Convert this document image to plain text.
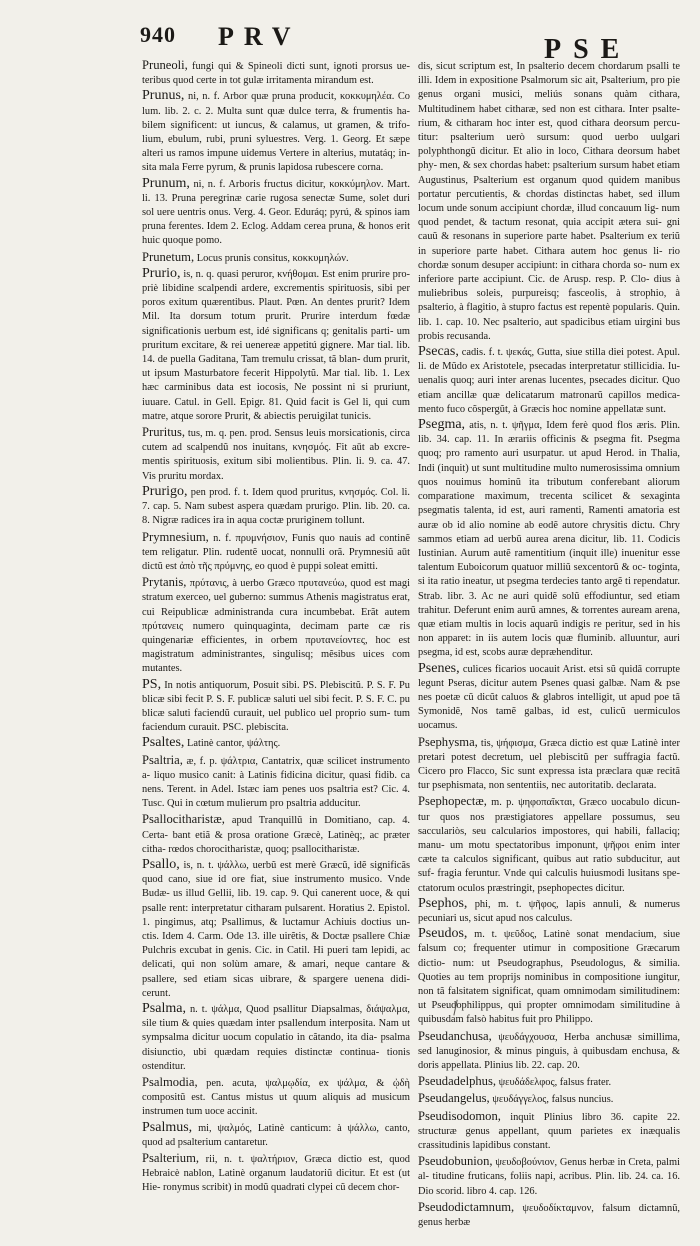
940 PRV	PSE

Pruneoli, fungi qui & Spineoli dicti sunt, ignoti prorsus ue- teribus quod certe in tot gulæ irritamenta mirandum est.

Prunus, ni, n. f. Arbor quæ pruna producit, κοκκυμηλέα. Co lum. lib. 2. c. 2. Multa sunt quæ dulce terra, & frumentis ha- bilem significent: ut iuncus, & calamus, ut gramen, & trifo- lium, ebulum, rubi, pruni syluestres. Verg. 1. Georg. Et sæpe alteri us ramos impune uidemus Vertere in alterius, mutatáq; in- sita mala Ferre pyrum, & prunis lapidosa rubescere corna.

Prunum, ni, n. f. Arboris fructus dicitur, κοκκύμηλον. Mart. li. 13. Pruna peregrinæ carie rugosa senectæ Sume, solet duri sol uere uentris onus. Verg. 4. Geor. Eduráq; pyrú, & spinos iam pruna ferentes. Idem 2. Eclog. Addam cerea pruna, & honos erit huic quoque pomo.

Prunetum, Locus prunis consitus, κοκκυμηλών.

Prurio, is, n. q. quasi peruror, κνήθομαι. Est enim prurire pro- priè libidine scalpendi ardere, excrementis spirituosis, sibi per poros exitum quærentibus. Plaut. Pœn. An dentes prurit? Idem Mil. Ita dorsum totum prurit. Prurire interdum fœdæ significationis uerbum est, idé significans q; genitalis parti- um pruritum excitare, & rei uenereæ appetitú gignere. Mar tial. lib. 14. de puella Gaditana, Tam tremulu crissat, tã blan- dum prurit, ut ipsum Masturbatore fecerit Hippolytũ. Mar tial. lib. 1. Lex hæc carminibus data est iocosis, Ne possint ni si pruriunt, iuuare. Catul. in Gell. Epigr. 81. Quid facit is Gel li, qui cum matre, atque sorore Prurit, & abiectis peruigilat tunicis.

Pruritus, tus, m. q. pen. prod. Sensus leuis morsicationis, circa cutem ad scalpendũ nos inuitans, κνησμός. Fit aūt ab excre- mentis spirituosis, exitum sibi molientibus. Plin. li. 9. ca. 47. Vis pruritu mordax.

Prurigo, pen prod. f. t. Idem quod pruritus, κνησμός. Col. li. 7. cap. 5. Nam subest aspera quædam prurigo. Plin. lib. 20. ca. 8. Nigræ radices ira in aqua coctæ pruriginem tollunt.

Prymnesium, n. f. πρυμνήσιον, Funis quo nauis ad continẽ tem religatur. Plin. rudentẽ uocat, nonnulli orã. Prymnesiũ aūt dictũ est ἀπὸ τῆς πρύμνης, eo quod è puppi soleat emitti.

Prytanis, πρύτανις, à uerbo Græco πρυτανεύω, quod est magi stratum exerceo, uel guberno: summus Athenis magistratus erat, cui Reipublicæ administranda cura incumbebat. Erãt autem πρύτανεις numero quinquaginta, decimam parte cæ ris quingenariæ efficientes, in orbem πρυτανείοντες, hoc est magistratum administrantes, singulisq; mẽsibus uices com mutantes.

PS, In notis antiquorum, Posuit sibi. PS. Plebiscitũ. P. S. F. Pu blicæ sibi fecit P. S. F. publicæ saluti uel sibi fecit. P. S. F. C. pu blicæ saluti faciendũ curauit, uel publico uel proprio sum- tum faciendum curauit. PSC. plebiscita.

Psaltes, Latinè cantor, ψάλτης.

Psaltria, æ, f. p. ψάλτρια, Cantatrix, quæ scilicet instrumento a- liquo musico canit: à Latinis fidicina dicitur, quasi fidib. ca nens. Terent. in Adel. Istæc iam penes uos psaltria est? Cic. 4. Tusc. Qui in cœtum mulierum pro psaltria adducitur.

Psallocitharistæ, apud Tranquillũ in Domitiano, cap. 4. Certa- bant etiã & prosa oratione Græcè, Latinèq;, ac præter citha- rœdos chorocitharistæ, quoq; psallocitharistæ.

Psallo, is, n. t. ψάλλω, uerbũ est merè Græcũ, idẽ significãs quod cano, siue id ore fiat, siue instrumento musico. Vnde Budæ- us illud Gellii, lib. 19. cap. 9. Qui canerent uoce, & qui psalle rent: interpretatur citharam pulsarent. Horatius 2. Epistol. 1. pingimus, atq; Psallimus, & luctamur Achiuis doctius un- ctis. Idem 4. Carm. Ode 13. ille uirẽtis, & Doctæ psallere Chiæ Pulchris excubat in genis. Cic. in Catil. Hi pueri tam lepidi, ac delicati, qui non solùm amare, & amari, neque cantare & psallere, sed etiam sicas uibrare, & spargere uenena didi- cerunt.

Psalma, n. t. ψάλμα, Quod psallitur Diapsalmas, διάψαλμα, sile tium & quies quædam inter psallendum interposita. Nam ut sympsalma dicitur uocum copulatio in cãtando, ita dia- psalma disiunctio, ubi quædam requies distinctæ continua- tionis ostenditur.

Psalmodia, pen. acuta, ψαλμῳδία, ex ψάλμα, & ᾠδὴ compositũ est. Cantus mistus ut quum aliquis ad musicum instrumen tum uoce accinit.

Psalmus, mi, ψαλμός, Latinè canticum: à ψάλλω, canto, quod ad psalterium cantaretur.

Psalterium, rii, n. t. ψαλτήριον, Græca dictio est, quod Hebraicè nablon, Latinè organum laudatoriũ dicitur. Et est (ut Hie- ronymus scribit) in modũ quadrati clypei cũ decem chor-

dis, sicut scriptum est, In psalterio decem chordarum psalli te illi. Idem in expositione Psalmorum sic ait, Psalterium, pro pie genus organi musici, meliús sonans quàm cithara, Multitudinem habet citharæ, sed non est cithara. Inter psalte- rium, & citharam hoc inter est, quod cithara deorsum percu- titur: psalterium uerò sursum: quod uerbo uulgari polyphthongũ dicitur. Et alio in loco, Cithara deorsum habet phy- men, & sex chordas habet: psalterium sursum habet etiam Augustinus, Psalterium est organum quod quidem manibus portatur percutientis, & chordas distinctas habet, sed illum locum unde sonum accipiunt chordæ, illud concauum lig- num quod pendet, & tactum resonat, quia accipit ætera sui- gni cauũ & resonans in superiore parte habet. Psalterium ex teriũ in superiore parte habet. Cithara autem hoc genus li- rio chordæ sonum desuper accipiunt: in cithara chorda so- num ex inferiore parte accipiunt. Cic. de Arusp. resp. P. Clo- dius à muliebribus soleis, purpureisq; fasceolis, à strophio, à psalterio, à flagitio, à stupro factus est repentè popularis. Quin. lib. 1. cap. 10. Nec psalterio, aut spadicibus etiam uirgini bus probis recusanda.

Psecas, cadis. f. t. ψεκάς, Gutta, siue stilla diei potest. Apul. li. de Mũdo ex Aristotele, psecadas interpretatur stillicidia. Iu- uenalis quoq; auri inter arenas lucentes, psecades dicitur. Quo etiam ancillæ quæ delicatarum matronarũ capillos medica- mento fuco cõspergũt, à Græcis hoc nomine appellatæ sunt.

Psegma, atis, n. t. ψῆγμα, Idem ferè quod flos æris. Plin. lib. 34. cap. 11. In ærariis officinis & psegma fit. Psegma quoq; pro ramento auri usurpatur. ut apud Herod. in Thalia, Indi (inquit) ut sunt multitudine multo numerosissima omnium quos nouimus hominũ ita tributum conferebant aliorum comparatione maximum, trecenta scilicet & sexaginta psegmatis talenta, id est, auri ramenti, Ramenti amatoria est auræ ob id alio nomine ab eodẽ autore chrysitis dictu. Chry sammos etiam ad uerbũ aurea arena dicitur, lib. 11. Codicis Iustinian. Aurum autẽ ramentitium (inquit ille) inuenitur esse talentum Euboicorum quatuor milliũ sexcentorũ & oc- toginta, si ita ratio ineatur, ut psegma terdecies tanto argẽ ti rependatur. Strab. libr. 3. Ac ne auri quidẽ solũ effodiuntur, sed etiam trahitur. Deferunt enim aurũ amnes, & torrentes auream arena, quæ etiam multis in locis aquarũ indigis re peritur, sed in his non apparet: in iis autem locis quæ fluminib. alluuntur, auri psegma, id est, scobs auræ depræhenditur.

Psenes, culices ficarios uocauit Arist. etsi sũ quidã corrupte legunt Pseras, dicitur autem Psenes quasi galbæ. Nam & pse nes poetæ cũ dicũt caluos & glabros intelligit, ut apud poe tã Symonidẽ, Nos tamẽ galbas, id est, culicũ uermiculos uocamus.

Psephysma, tis, ψήφισμα, Græca dictio est quæ Latinè inter pretari potest decretum, uel plebiscitũ per suffragia factũ. Cicero pro Flacco, Sic sunt expressa ista præclara quæ recitã tur psephismata, non sententiis, nec autoritatib. declarata.

Psephopectæ, m. p. ψηφοπαῖκται, Græco uocabulo dicun- tur quos nos præstigiatores appellare possumus, seu sacculariòs, seu calcularios impostores, qui habili, fallaciq; manu- um motu spectatoribus imponunt, ψῆφοι enim inter cæte ta calculos significant, quibus aut ratio subducitur, aut suf- fragia feruntur. Vnde qui calculis huiusmodi lusitans spe- ctatorum oculos præstringit, psephopectes dicitur.

Psephos, phi, m. t. ψῆφος, lapis annuli, & numerus pecuniari us, sicut apud nos calculus.

Pseudos, m. t. ψεῦδος, Latinè sonat mendacium, siue falsum co; frequenter utimur in compositione Græcarum dictio- num: ut Pseudographus, Pseudologus, & similia. Quoties au tem proprijs nominibus in compositione iungitur, non tã falsitatem significat, quam omnimodam similitudinem: ut Pseudophilippus, qui propter omnimodam similitudine à quibusdam falsò habitus fuit pro Philippo.

Pseudanchusa, ψευδάγχουσα, Herba anchusæ simillima, sed lanuginosior, & minus pinguis, à quibusdam enchusa, & doris appellata. Plinius lib. 22. cap. 20.

Pseudadelphus, ψευδάδελφος, falsus frater.

Pseudangelus, ψευδάγγελος, falsus nuncius.

Pseudisodomon, inquit Plinius libro 36. capite 22. structuræ genus appellant, quum parietes ex inæqualis crassitudinis lapidibus constant.

Pseudobunion, ψευδοβούνιον, Genus herbæ in Creta, palmi al- titudine fruticans, foliis napi, acribus. Plin. lib. 24. ca. 16. Dio scorid. libro 4. cap. 126.

Pseudodictamnum, ψευδοδίκταμνον, falsum dictamnũ, genus herbæ
